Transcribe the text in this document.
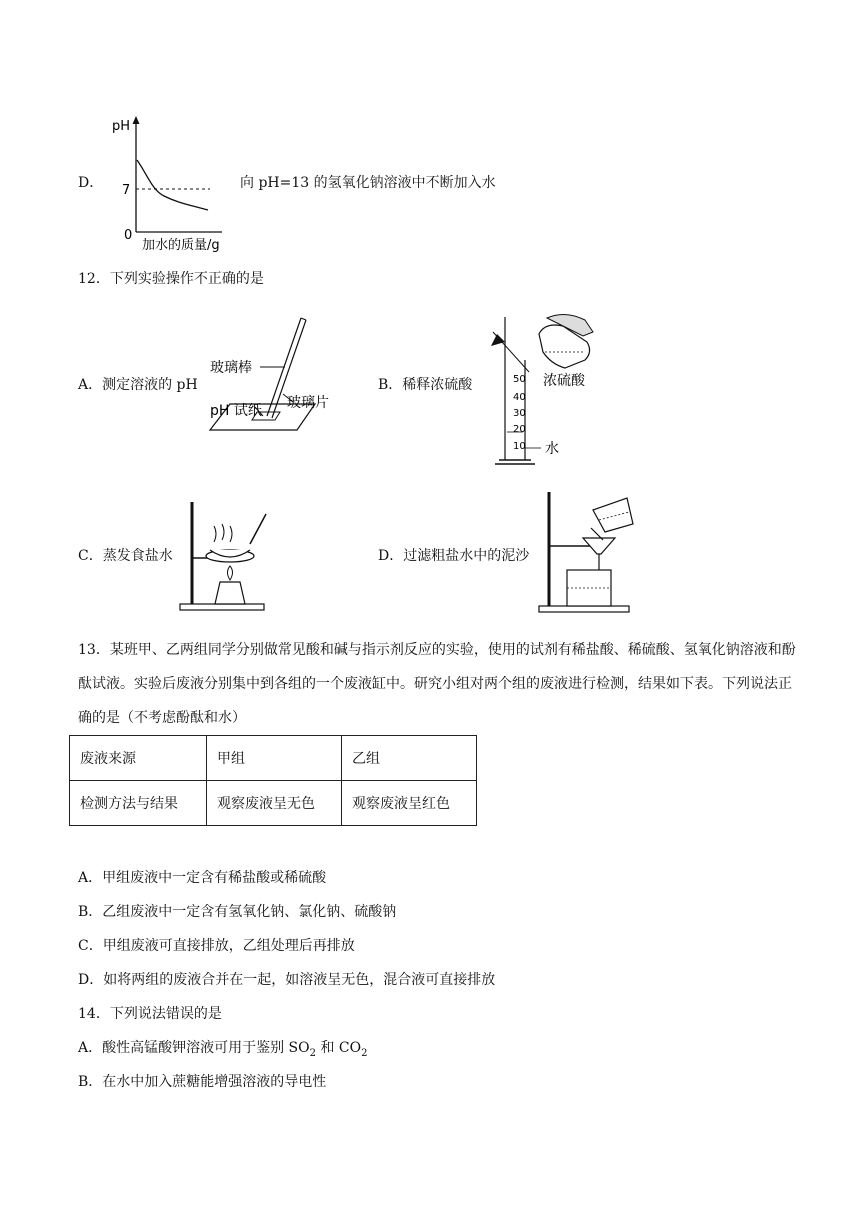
D．
pH
7
0
加水的质量/g
向 pH=13 的氢氧化钠溶液中不断加入水
12．下列实验操作不正确的是
A．测定溶液的 pH
玻璃棒
pH 试纸 玻璃片
B．稀释浓硫酸	50
40
30
20
10
浓硫酸
水
C．蒸发食盐水	D．过滤粗盐水中的泥沙
13．某班甲、乙两组同学分别做常见酸和碱与指示剂反应的实验，使用的试剂有稀盐酸、稀硫酸、氢氧化钠溶液和酚酞试液。实验后废液分别集中到各组的一个废液缸中。研究小组对两个组的废液进行检测，结果如下表。下列说法正确的是（不考虑酚酞和水）
废液来源	甲组	乙组
检测方法与结果	观察废液呈无色	观察废液呈红色
A．甲组废液中一定含有稀盐酸或稀硫酸
B．乙组废液中一定含有氢氧化钠、氯化钠、硫酸钠
C．甲组废液可直接排放，乙组处理后再排放
D．如将两组的废液合并在一起，如溶液呈无色，混合液可直接排放
14．下列说法错误的是
A．酸性高锰酸钾溶液可用于鉴别 $SO_2$ 和 $CO_2$
B．在水中加入蔗糖能增强溶液的导电性
